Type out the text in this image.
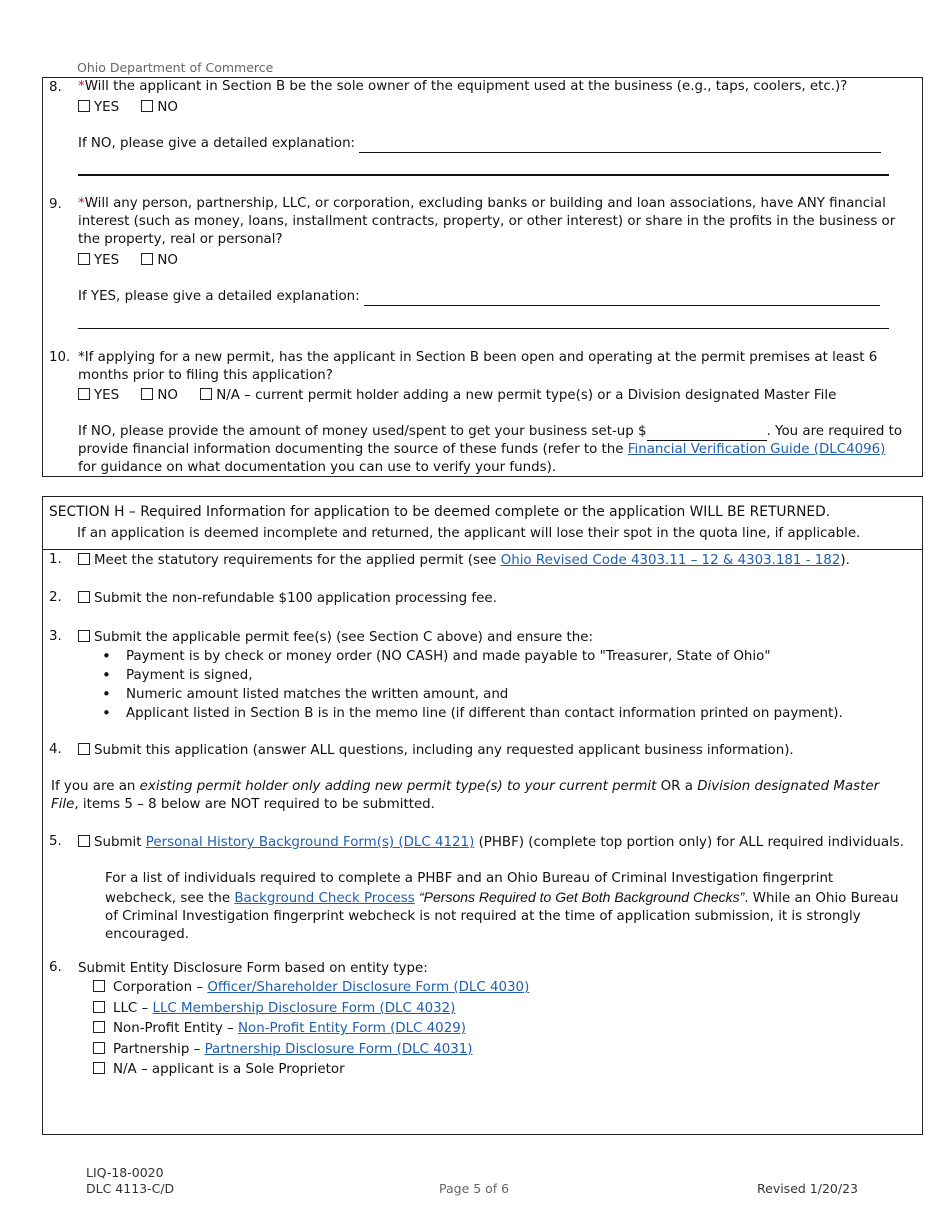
Ohio Department of Commerce
8. *Will the applicant in Section B be the sole owner of the equipment used at the business (e.g., taps, coolers, etc.)?
YES	NO
If NO, please give a detailed explanation:
9. *Will any person, partnership, LLC, or corporation, excluding banks or building and loan associations, have ANY financial interest (such as money, loans, installment contracts, property, or other interest) or share in the profits in the business or the property, real or personal?
YES	NO
If YES, please give a detailed explanation:
10. *If applying for a new permit, has the applicant in Section B been open and operating at the permit premises at least 6 months prior to filing this application?
YES	NO	N/A – current permit holder adding a new permit type(s) or a Division designated Master File
If NO, please provide the amount of money used/spent to get your business set-up $	. You are required to provide financial information documenting the source of these funds (refer to the Financial Verification Guide (DLC4096) for guidance on what documentation you can use to verify your funds).
SECTION H – Required Information for application to be deemed complete or the application WILL BE RETURNED.
If an application is deemed incomplete and returned, the applicant will lose their spot in the quota line, if applicable.
1.	Meet the statutory requirements for the applied permit (see Ohio Revised Code 4303.11 – 12 & 4303.181 - 182).
2.	Submit the non-refundable $100 application processing fee.
3.	Submit the applicable permit fee(s) (see Section C above) and ensure the:
• Payment is by check or money order (NO CASH) and made payable to "Treasurer, State of Ohio"
• Payment is signed,
• Numeric amount listed matches the written amount, and
• Applicant listed in Section B is in the memo line (if different than contact information printed on payment).
4.	Submit this application (answer ALL questions, including any requested applicant business information).
If you are an existing permit holder only adding new permit type(s) to your current permit OR a Division designated Master File, items 5 – 8 below are NOT required to be submitted.
5.	Submit Personal History Background Form(s) (DLC 4121) (PHBF) (complete top portion only) for ALL required individuals.
For a list of individuals required to complete a PHBF and an Ohio Bureau of Criminal Investigation fingerprint webcheck, see the Background Check Process “Persons Required to Get Both Background Checks”. While an Ohio Bureau of Criminal Investigation fingerprint webcheck is not required at the time of application submission, it is strongly encouraged.
6. Submit Entity Disclosure Form based on entity type:
Corporation – Officer/Shareholder Disclosure Form (DLC 4030)
LLC – LLC Membership Disclosure Form (DLC 4032)
Non-Profit Entity – Non-Profit Entity Form (DLC 4029)
Partnership – Partnership Disclosure Form (DLC 4031)
N/A – applicant is a Sole Proprietor
LIQ-18-0020
DLC 4113-C/D	Page 5 of 6	Revised 1/20/23
